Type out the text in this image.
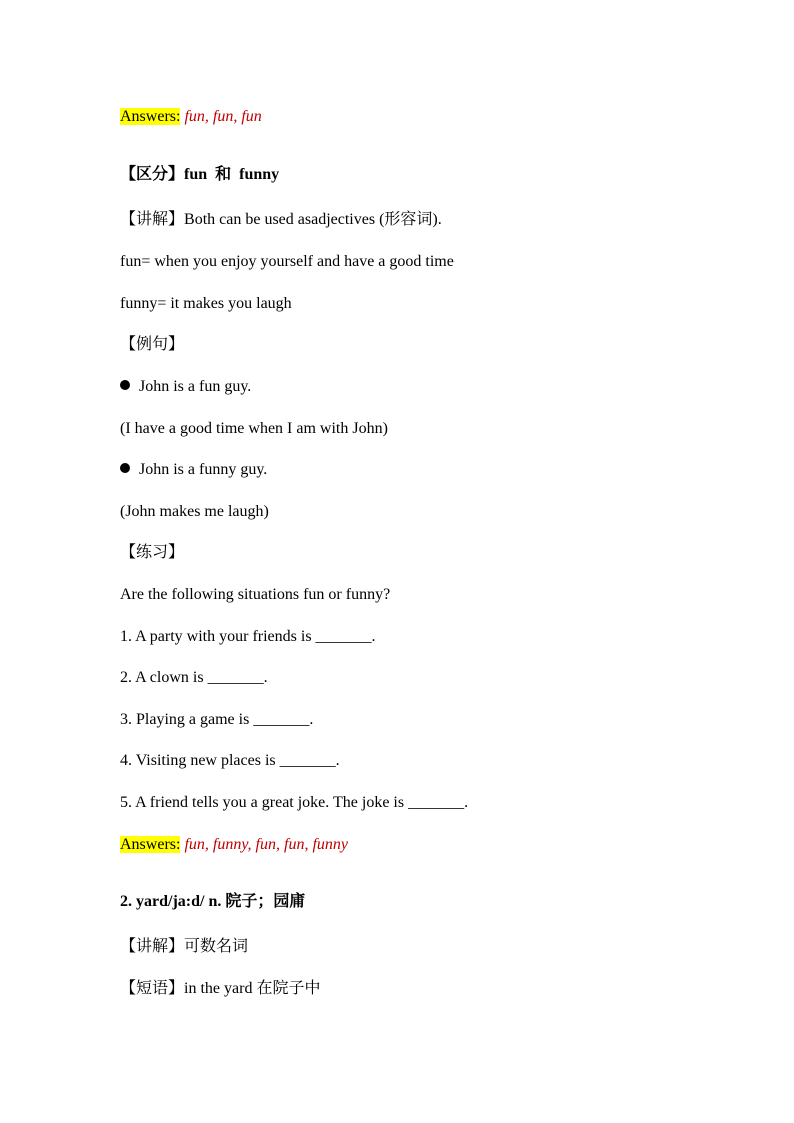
Answers: fun, fun, fun
【区分】fun  和  funny
【讲解】Both can be used asadjectives (形容词).
fun= when you enjoy yourself and have a good time
funny= it makes you laugh
【例句】
John is a fun guy.
(I have a good time when I am with John)
John is a funny guy.
(John makes me laugh)
【练习】
Are the following situations fun or funny?
1. A party with your friends is _______.
2. A clown is _______.
3. Playing a game is _______.
4. Visiting new places is _______.
5. A friend tells you a great joke. The joke is _______.
Answers: fun, funny, fun, fun, funny
2. yard/ja:d/ n. 院子；园庯
【讲解】可数名词
【短语】in the yard 在院子中
